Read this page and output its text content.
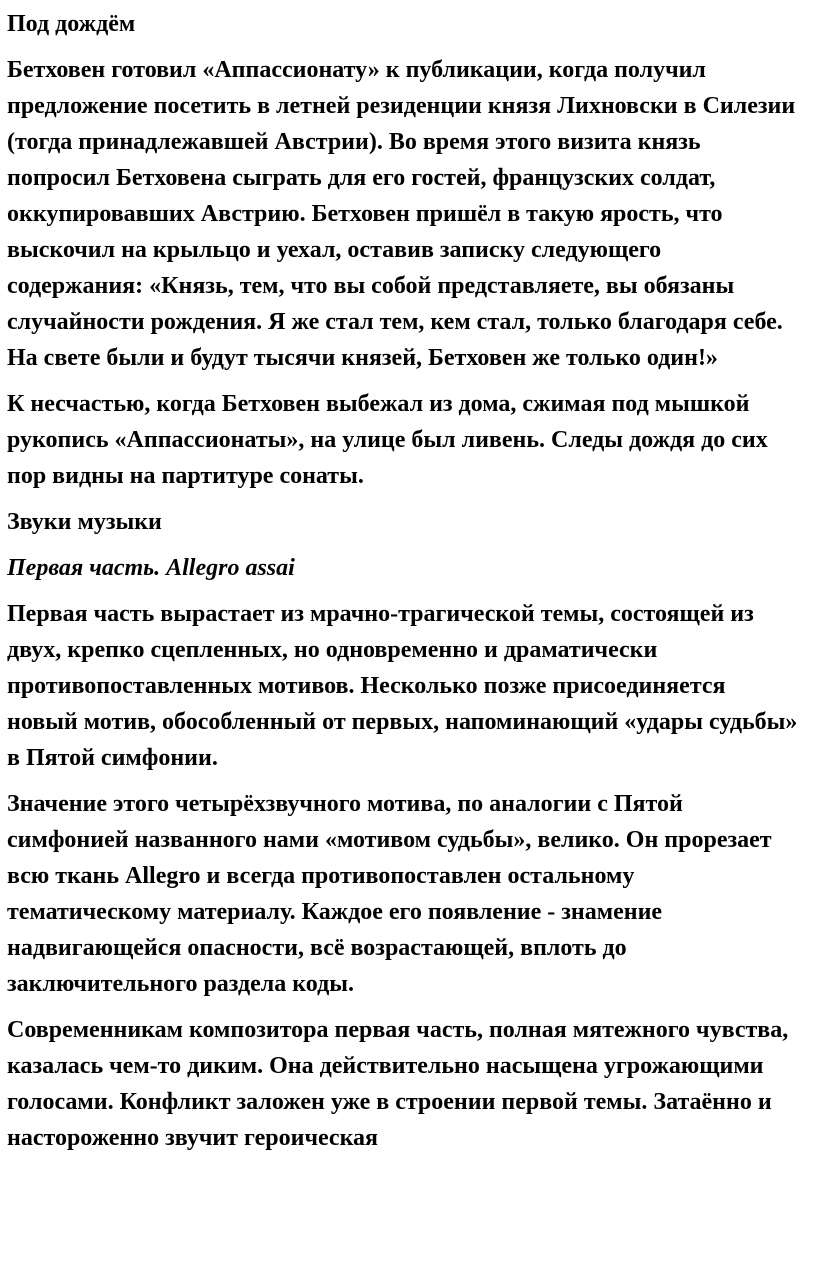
Под дождём

Бетховен готовил «Аппассионату» к публикации, когда получил предложение посетить в летней резиденции князя Лихновски в Силезии (тогда принадлежавшей Австрии). Во время этого визита князь попросил Бетховена сыграть для его гостей, французских солдат, оккупировавших Австрию. Бетховен пришёл в такую ярость, что выскочил на крыльцо и уехал, оставив записку следующего содержания: «Князь, тем, что вы собой представляете, вы обязаны случайности рождения. Я же стал тем, кем стал, только благодаря себе. На свете были и будут тысячи князей, Бетховен же только один!»

К несчастью, когда Бетховен выбежал из дома, сжимая под мышкой рукопись «Аппассионаты», на улице был ливень. Следы дождя до сих пор видны на партитуре сонаты.

Звуки музыки

Первая часть. Allegro assai

Первая часть вырастает из мрачно-трагической темы, состоящей из двух, крепко сцепленных, но одновременно и драматически противопоставленных мотивов. Несколько позже присоединяется новый мотив, обособленный от первых, напоминающий «удары судьбы» в Пятой симфонии.

Значение этого четырёхзвучного мотива, по аналогии с Пятой симфонией названного нами «мотивом судьбы», велико. Он прорезает всю ткань Allegro и всегда противопоставлен остальному тематическому материалу. Каждое его появление - знамение надвигающейся опасности, всё возрастающей, вплоть до заключительного раздела коды.

Современникам композитора первая часть, полная мятежного чувства, казалась чем-то диким. Она действительно насыщена угрожающими голосами. Конфликт заложен уже в строении первой темы. Затаённо и настороженно звучит героическая
